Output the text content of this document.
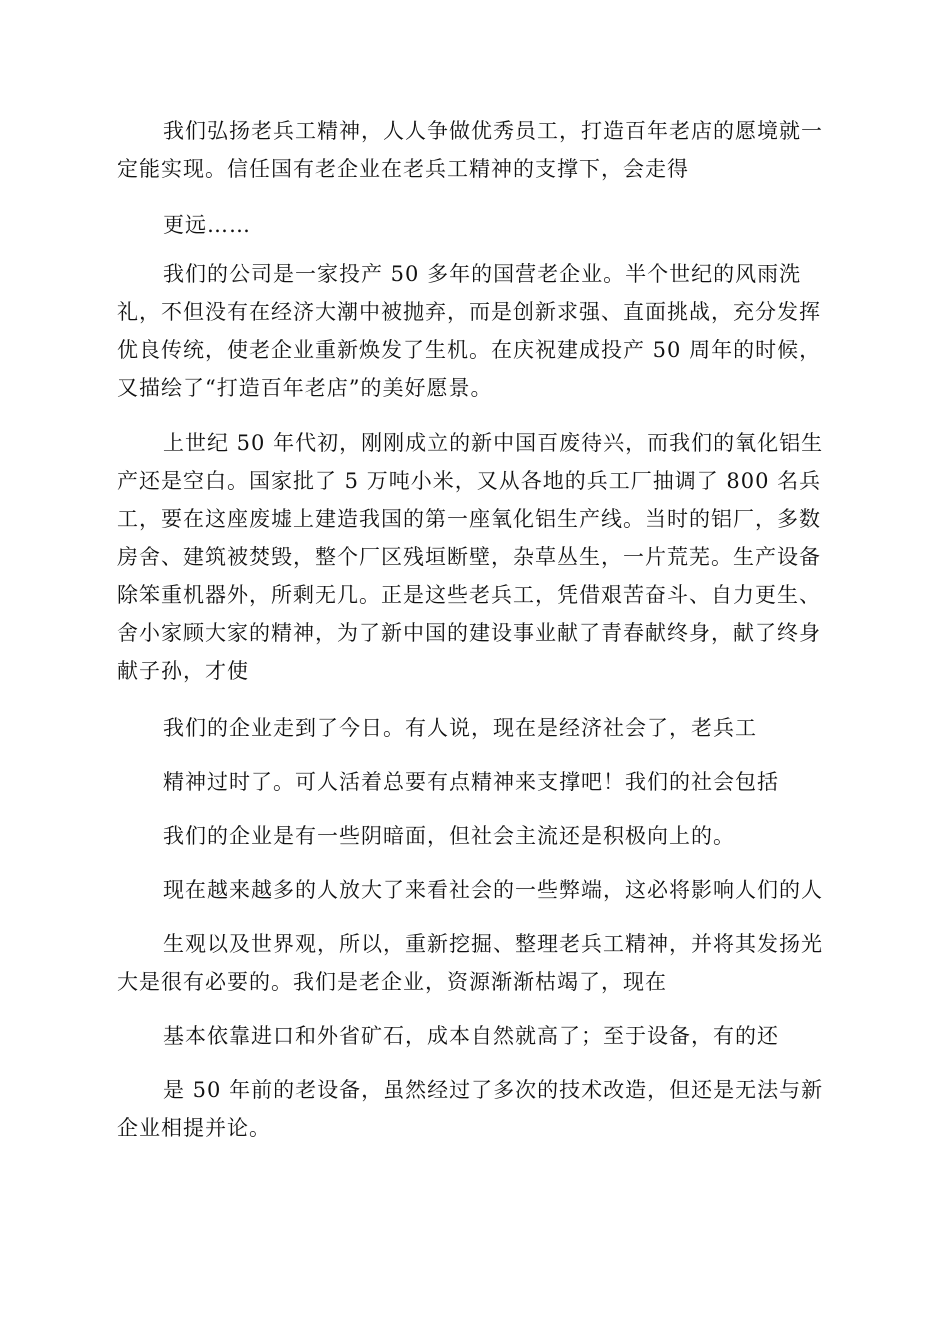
我们弘扬老兵工精神，人人争做优秀员工，打造百年老店的愿境就一
定能实现。信任国有老企业在老兵工精神的支撑下，会走得
更远……
我们的公司是一家投产 50 多年的国营老企业。半个世纪的风雨洗
礼，不但没有在经济大潮中被抛弃，而是创新求强、直面挑战，充分发挥
优良传统，使老企业重新焕发了生机。在庆祝建成投产 50 周年的时候，
又描绘了“打造百年老店”的美好愿景。
上世纪 50 年代初，刚刚成立的新中国百废待兴，而我们的氧化铝生
产还是空白。国家批了 5 万吨小米，又从各地的兵工厂抽调了 800 名兵
工，要在这座废墟上建造我国的第一座氧化铝生产线。当时的铝厂，多数
房舍、建筑被焚毁，整个厂区残垣断壁，杂草丛生，一片荒芜。生产设备
除笨重机器外，所剩无几。正是这些老兵工，凭借艰苦奋斗、自力更生、
舍小家顾大家的精神，为了新中国的建设事业献了青春献终身，献了终身
献子孙，才使
我们的企业走到了今日。有人说，现在是经济社会了，老兵工
精神过时了。可人活着总要有点精神来支撑吧！我们的社会包括
我们的企业是有一些阴暗面，但社会主流还是积极向上的。
现在越来越多的人放大了来看社会的一些弊端，这必将影响人们的人
生观以及世界观，所以，重新挖掘、整理老兵工精神，并将其发扬光
大是很有必要的。我们是老企业，资源渐渐枯竭了，现在
基本依靠进口和外省矿石，成本自然就高了；至于设备，有的还
是 50 年前的老设备，虽然经过了多次的技术改造，但还是无法与新
企业相提并论。
